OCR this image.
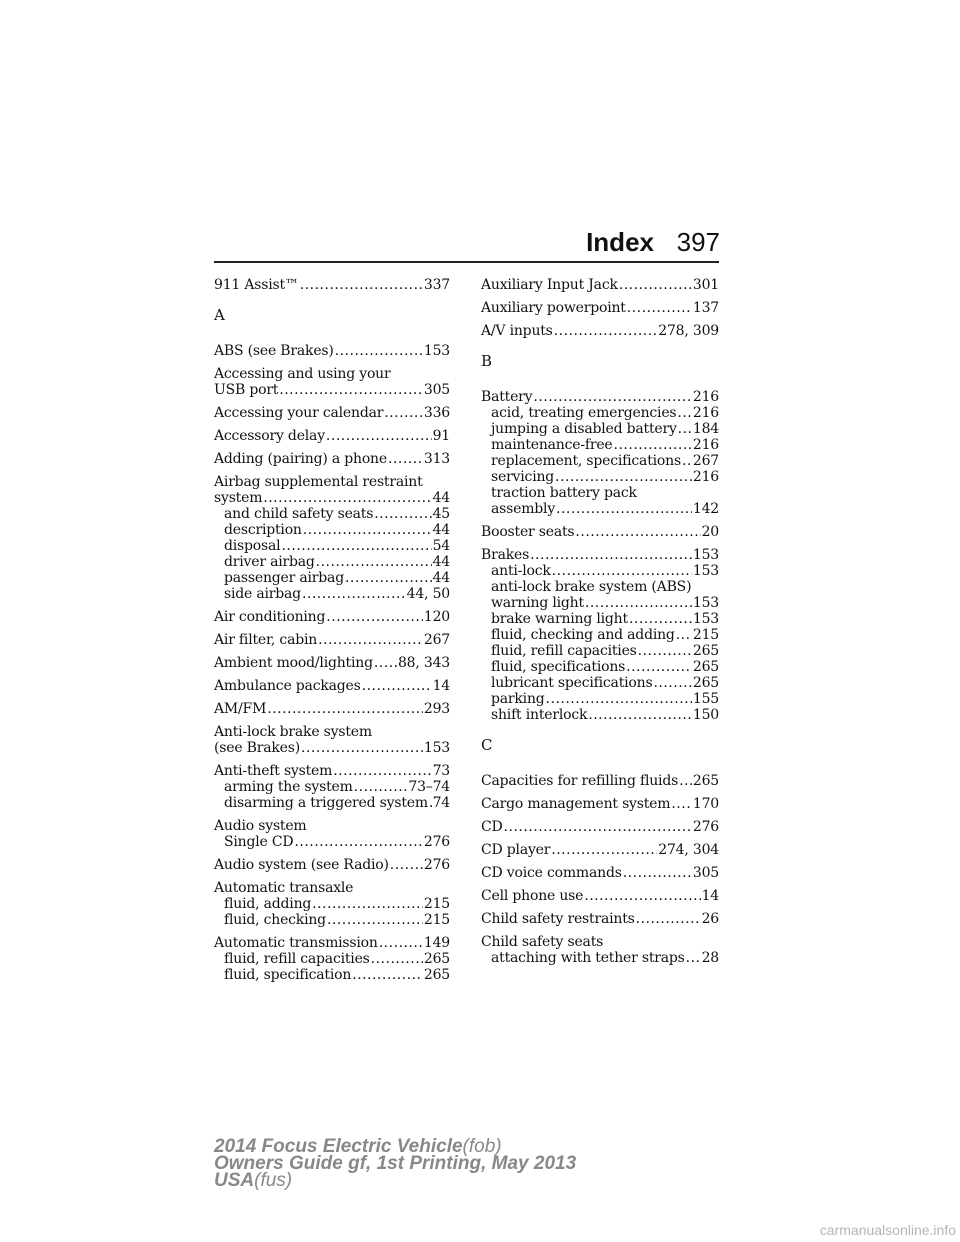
Index 397
911 Assist™ .....	337
A
ABS (see Brakes) .....	153
Accessing and using your
USB port .....	305
Accessing your calendar .....	336
Accessory delay .....	91
Adding (pairing) a phone .....	313
Airbag supplemental restraint
system .....	44
and child safety seats .....	45
description .....	44
disposal .....	54
driver airbag .....	44
passenger airbag .....	44
side airbag .....	44, 50
Air conditioning .....	120
Air filter, cabin .....	267
Ambient mood/lighting ..... 88, 343
Ambulance packages .....	14
AM/FM .....	293
Anti-lock brake system
(see Brakes) .....	153
Anti-theft system .....	73
arming the system .....	73–74
disarming a triggered system ..... 74
Audio system
Single CD .....	276
Audio system (see Radio) .....	276
Automatic transaxle
fluid, adding .....	215
fluid, checking .....	215
Automatic transmission .....	149
fluid, refill capacities .....	265
fluid, specification .....	265
Auxiliary Input Jack .....	301
Auxiliary powerpoint .....	137
A/V inputs .....	278, 309
B
Battery .....	216
acid, treating emergencies ..... 216
jumping a disabled battery ..... 184
maintenance-free .....	216
replacement, specifications ..... 267
servicing .....	216
traction battery pack
assembly .....	142
Booster seats .....	20
Brakes .....	153
anti-lock .....	153
anti-lock brake system (ABS)
warning light .....	153
brake warning light .....	153
fluid, checking and adding ..... 215
fluid, refill capacities .....	265
fluid, specifications .....	265
lubricant specifications .....	265
parking .....	155
shift interlock .....	150
C
Capacities for refilling fluids ..... 265
Cargo management system ..... 170
CD .....	276
CD player .....	274, 304
CD voice commands .....	305
Cell phone use .....	14
Child safety restraints .....	26
Child safety seats
attaching with tether straps ..... 28
2014 Focus Electric Vehicle(fob)
Owners Guide gf, 1st Printing, May 2013
USA(fus)
carmanualsonline.info
